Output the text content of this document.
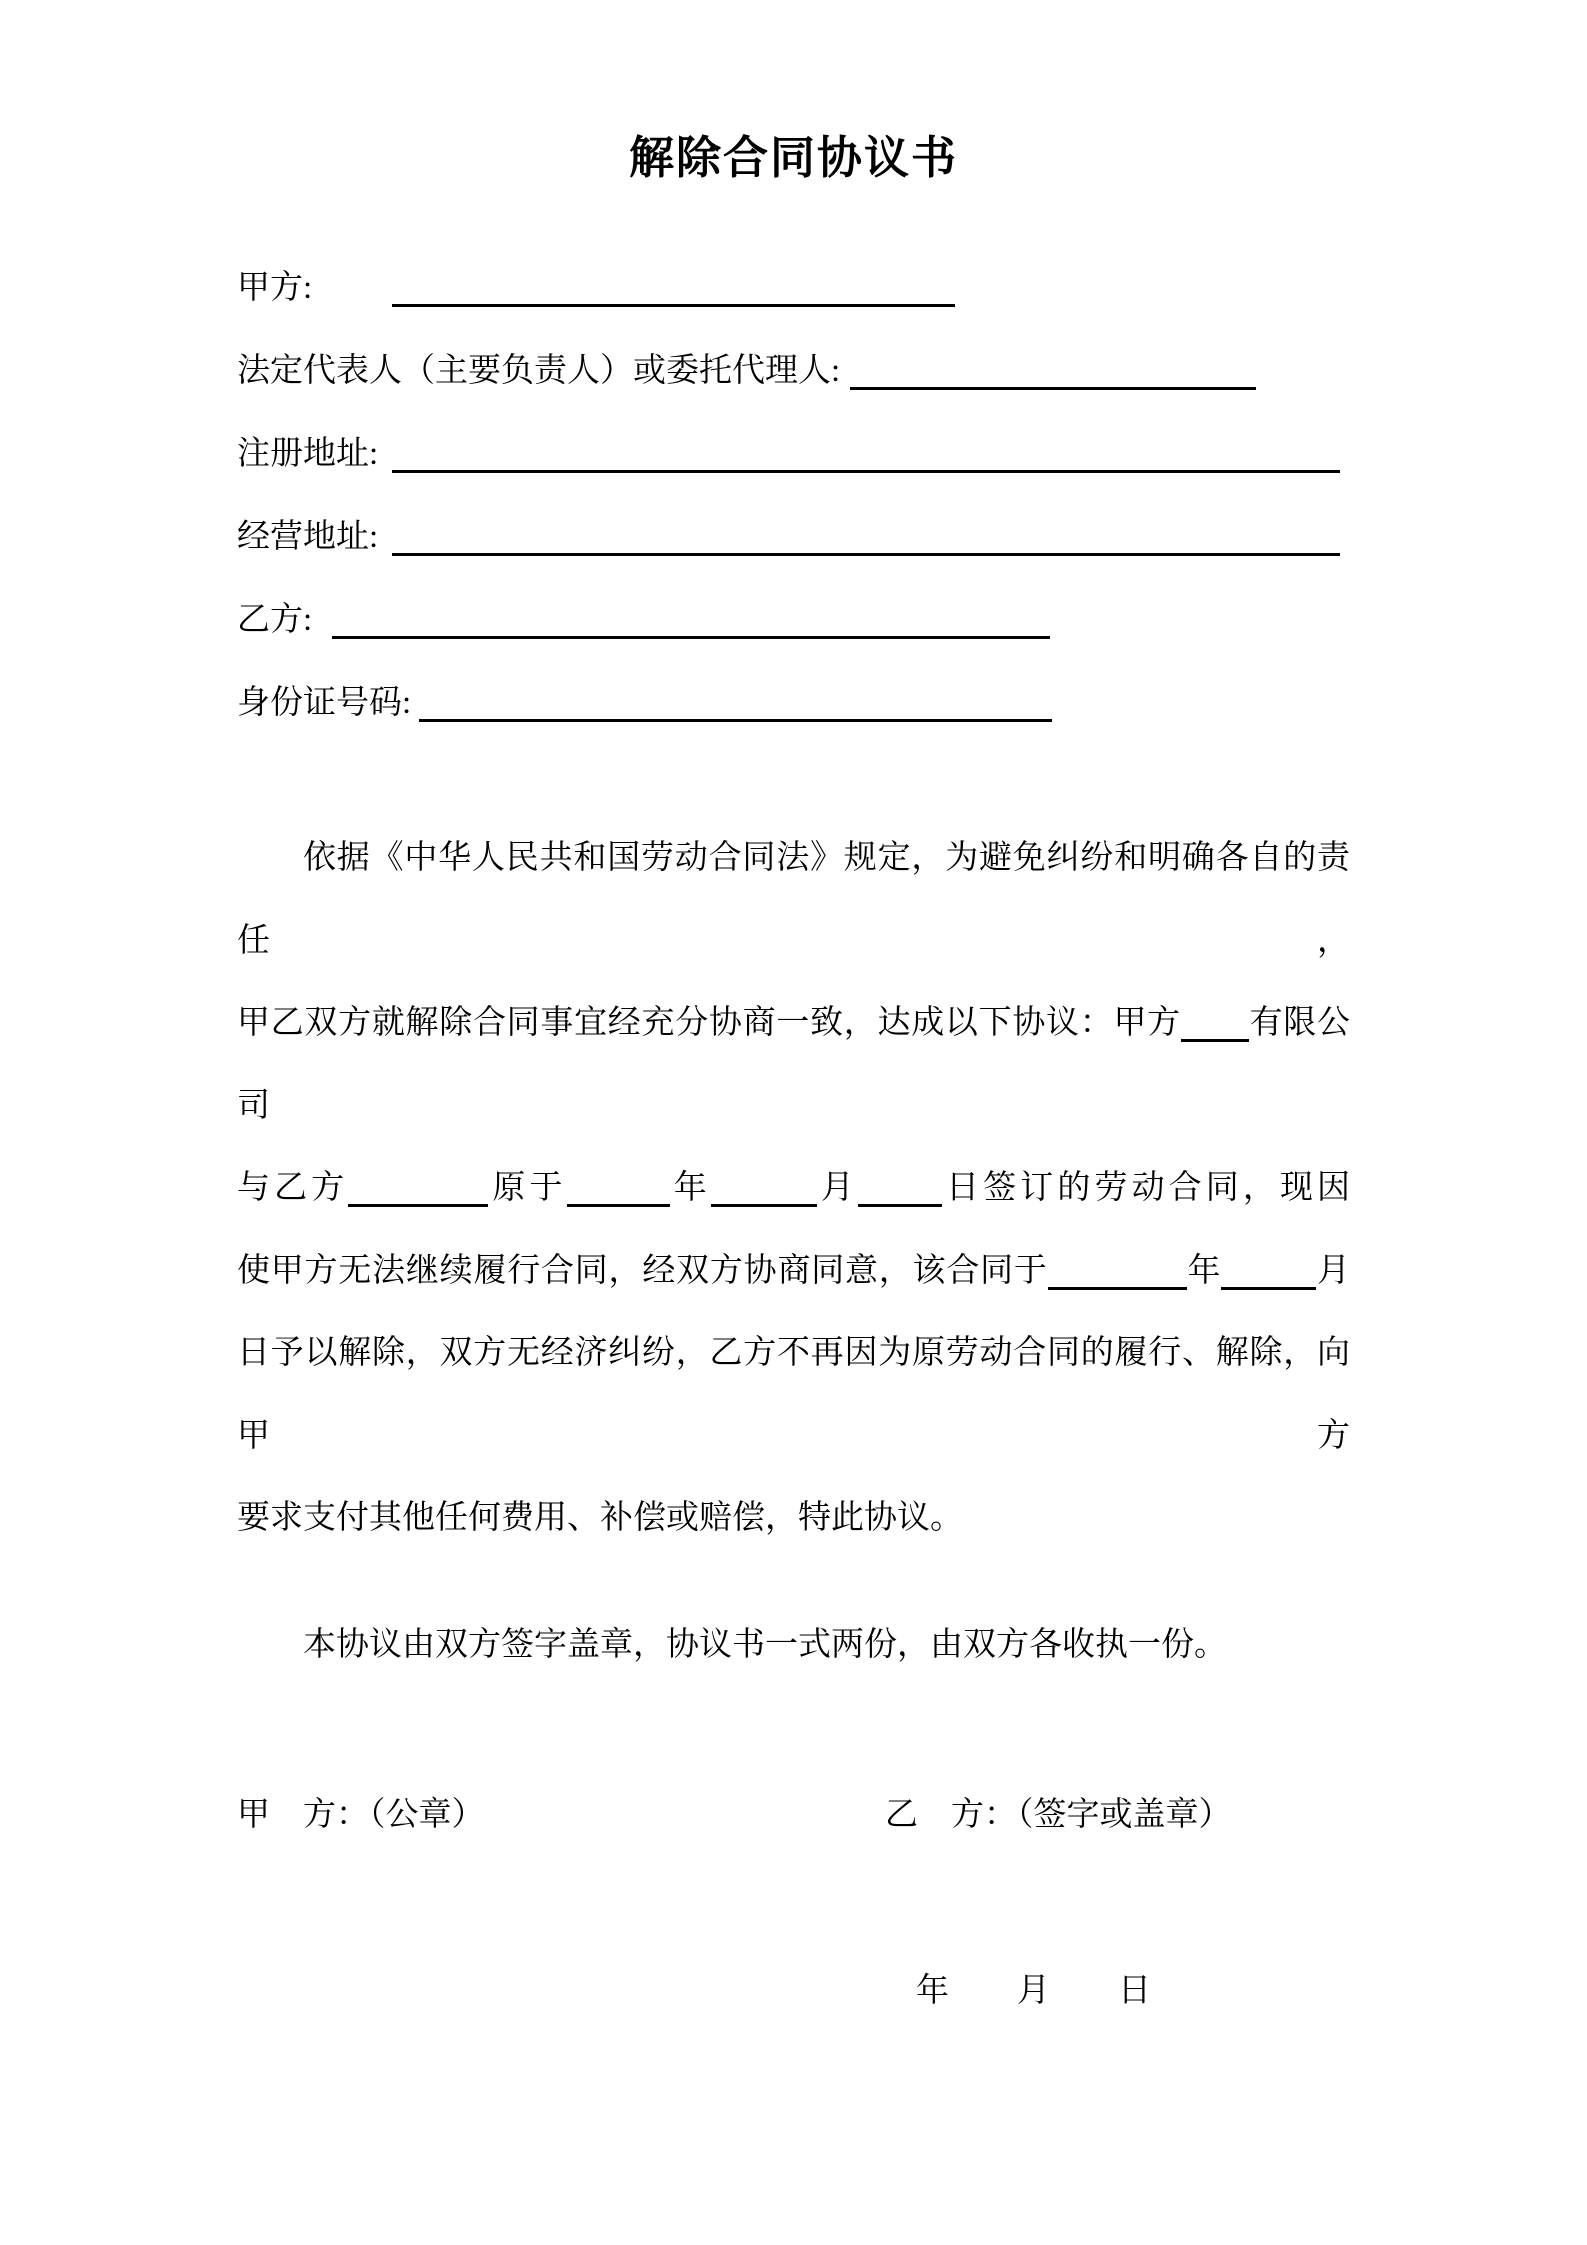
解除合同协议书
甲方:
法定代表人（主要负责人）或委托代理人:
注册地址:
经营地址:
乙方:
身份证号码:
依据《中华人民共和国劳动合同法》规定，为避免纠纷和明确各自的责任，
甲乙双方就解除合同事宜经充分协商一致，达成以下协议：甲方 有限公司
与乙方	原于	年	月	日签订的劳动合同，现因
使甲方无法继续履行合同，经双方协商同意，该合同于	年	月
日予以解除，双方无经济纠纷，乙方不再因为原劳动合同的履行、解除，向甲方
要求支付其他任何费用、补偿或赔偿，特此协议。

本协议由双方签字盖章，协议书一式两份，由双方各收执一份。

甲　方：（公章）	乙　方：（签字或盖章）
年 月 日
